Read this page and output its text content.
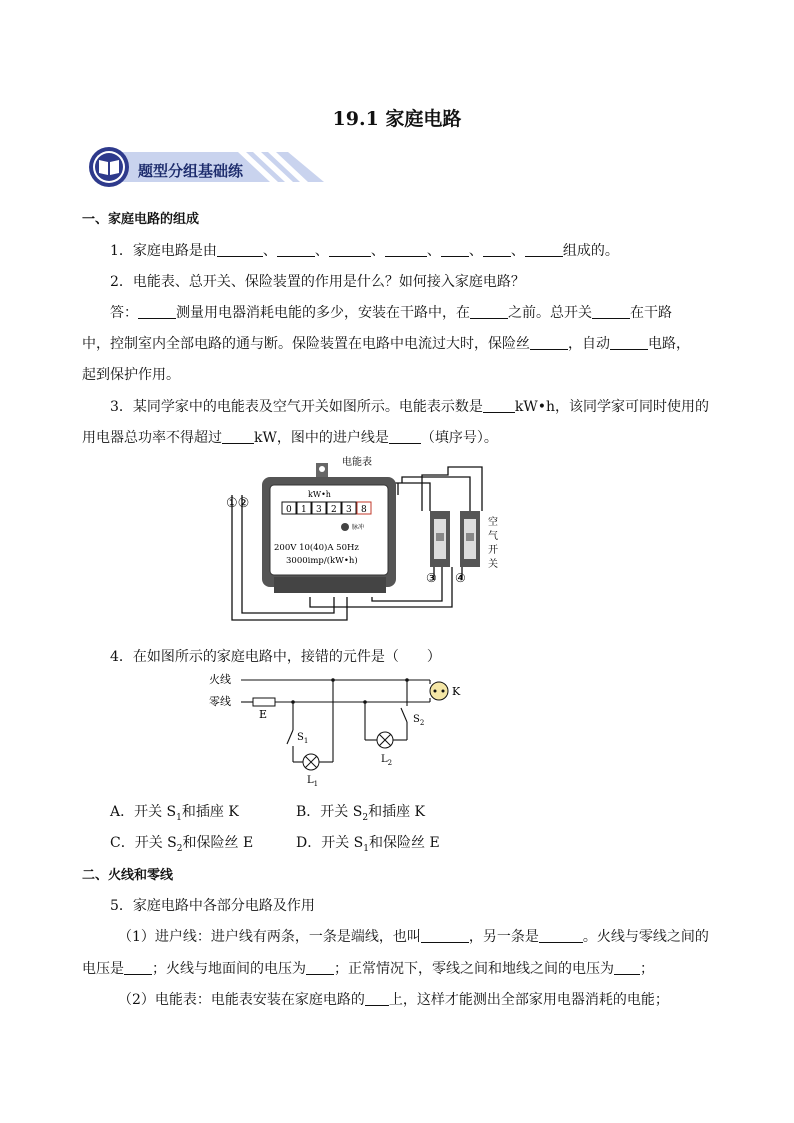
19.1 家庭电路
题型分组基础练
一、家庭电路的组成
1．家庭电路是由	、	、	、	、 、 、	组成的。
2．电能表、总开关、保险装置的作用是什么？如何接入家庭电路？
答：	测量用电器消耗电能的多少，安装在干路中，在	之前。总开关	在干路
中，控制室内全部电路的通与断。保险装置在电路中电流过大时，保险丝	，自动	电路，
起到保护作用。
3．某同学家中的电能表及空气开关如图所示。电能表示数是 kW•h，该同学家可同时使用的
用电器总功率不得超过 kW，图中的进户线是 （填序号）。
0 1 3 2 3 8
电能表
kW•h
脉冲
200V 10(40)A 50Hz
3000imp/(kW•h)
①②
③ ④
空
气
开
关
4．在如图所示的家庭电路中，接错的元件是（　　）
火线
零线
E
K
$S_1$
$S_2$
$L_1$
$L_2$
A．开关 $S_1$和插座 K	B．开关 $S_2$和插座 K
C．开关 $S_2$和保险丝 E	D．开关 $S_1$和保险丝 E
二、火线和零线
5．家庭电路中各部分电路及作用
（1）进户线：进户线有两条，一条是端线，也叫	，另一条是	。火线与零线之间的
电压是 ；火线与地面间的电压为 ；正常情况下，零线之间和地线之间的电压为 ；
（2）电能表：电能表安装在家庭电路的 上，这样才能测出全部家用电器消耗的电能；
